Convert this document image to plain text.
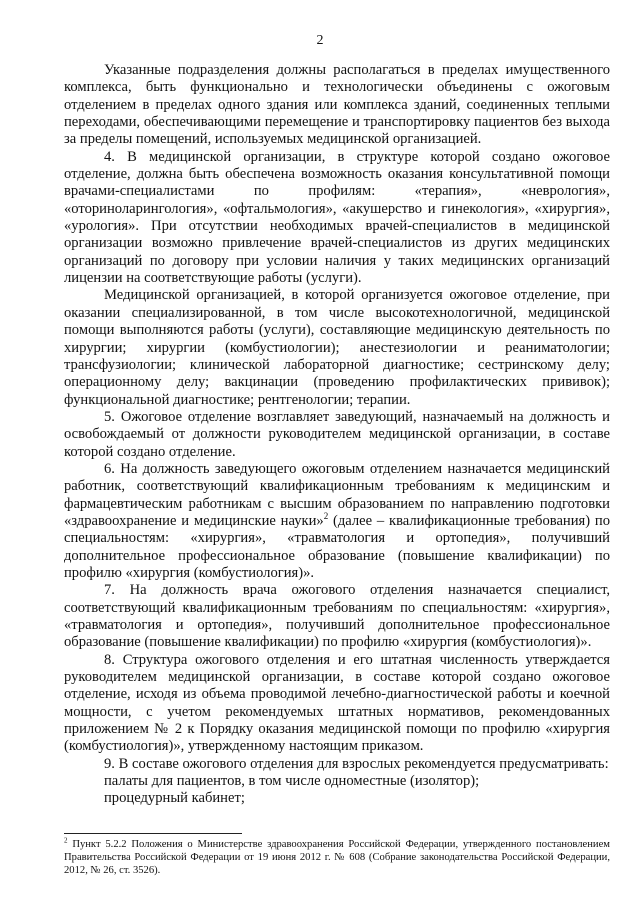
2

Указанные подразделения должны располагаться в пределах имущественного комплекса, быть функционально и технологически объединены с ожоговым отделением в пределах одного здания или комплекса зданий, соединенных теплыми переходами, обеспечивающими перемещение и транспортировку пациентов без выхода за пределы помещений, используемых медицинской организацией.

4. В медицинской организации, в структуре которой создано ожоговое отделение, должна быть обеспечена возможность оказания консультативной помощи врачами-специалистами по профилям: «терапия», «неврология», «оториноларингология», «офтальмология», «акушерство и гинекология», «хирургия», «урология». При отсутствии необходимых врачей-специалистов в медицинской организации возможно привлечение врачей-специалистов из других медицинских организаций по договору при условии наличия у таких медицинских организаций лицензии на соответствующие работы (услуги).

Медицинской организацией, в которой организуется ожоговое отделение, при оказании специализированной, в том числе высокотехнологичной, медицинской помощи выполняются работы (услуги), составляющие медицинскую деятельность по хирургии; хирургии (комбустиологии); анестезиологии и реаниматологии; трансфузиологии; клинической лабораторной диагностике; сестринскому делу; операционному делу; вакцинации (проведению профилактических прививок); функциональной диагностике; рентгенологии; терапии.

5. Ожоговое отделение возглавляет заведующий, назначаемый на должность и освобождаемый от должности руководителем медицинской организации, в составе которой создано отделение.

6. На должность заведующего ожоговым отделением назначается медицинский работник, соответствующий квалификационным требованиям к медицинским и фармацевтическим работникам с высшим образованием по направлению подготовки «здравоохранение и медицинские науки»$^2$ (далее – квалификационные требования) по специальностям: «хирургия», «травматология и ортопедия», получивший дополнительное профессиональное образование (повышение квалификации) по профилю «хирургия (комбустиология)».

7. На должность врача ожогового отделения назначается специалист, соответствующий квалификационным требованиям по специальностям: «хирургия», «травматология и ортопедия», получивший дополнительное профессиональное образование (повышение квалификации) по профилю «хирургия (комбустиология)».

8. Структура ожогового отделения и его штатная численность утверждается руководителем медицинской организации, в составе которой создано ожоговое отделение, исходя из объема проводимой лечебно-диагностической работы и коечной мощности, с учетом рекомендуемых штатных нормативов, рекомендованных приложением № 2 к Порядку оказания медицинской помощи по профилю «хирургия (комбустиология)», утвержденному настоящим приказом.

9. В составе ожогового отделения для взрослых рекомендуется предусматривать:

палаты для пациентов, в том числе одноместные (изолятор);

процедурный кабинет;

$^2$ Пункт 5.2.2 Положения о Министерстве здравоохранения Российской Федерации, утвержденного постановлением Правительства Российской Федерации от 19 июня 2012 г. № 608 (Собрание законодательства Российской Федерации, 2012, № 26, ст. 3526).
